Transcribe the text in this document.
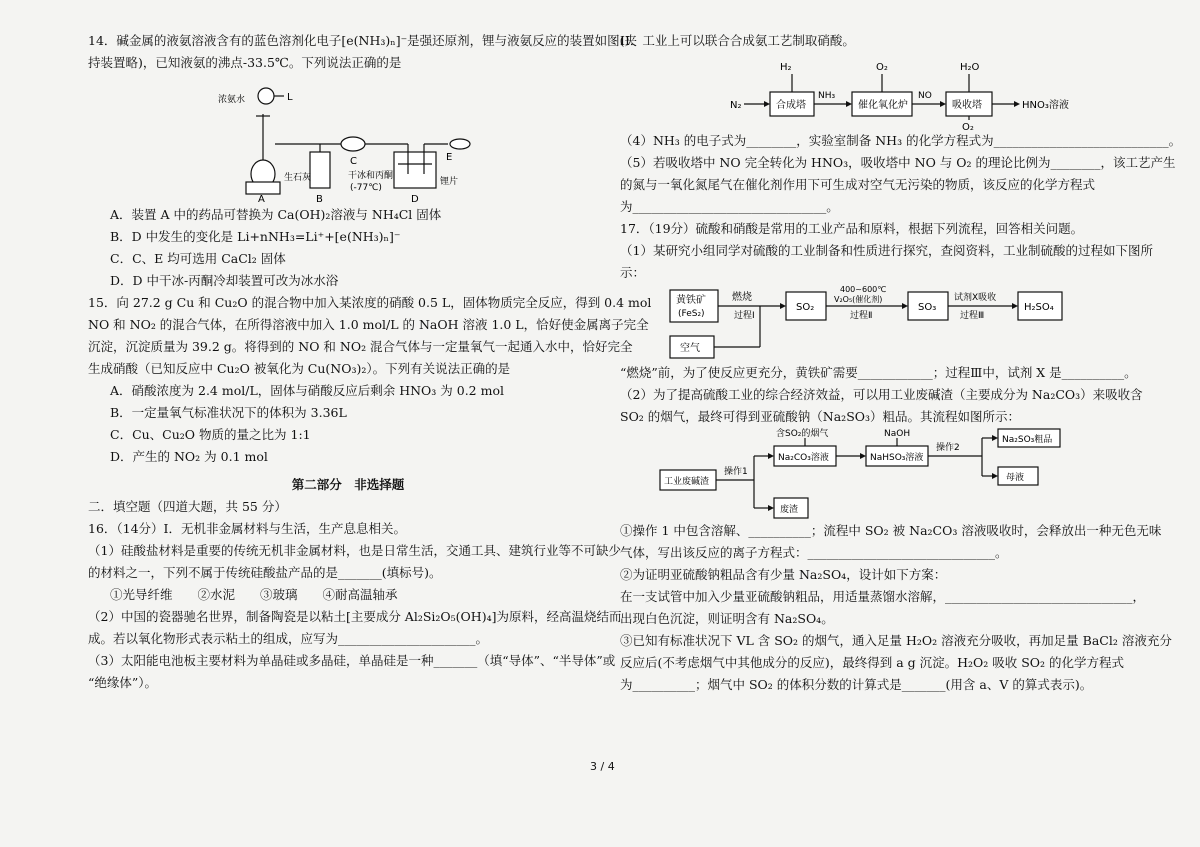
14．碱金属的液氨溶液含有的蓝色溶剂化电子[e(NH₃)ₙ]⁻是强还原剂，锂与液氨反应的装置如图(夹
持装置略)，已知液氨的沸点-33.5℃。下列说法正确的是
浓氨水	L
A
生石灰
B
C
干冰和丙酮
(-77℃)
D
E
锂片
A．装置 A 中的药品可替换为 Ca(OH)₂溶液与 NH₄Cl 固体
B．D 中发生的变化是 Li+nNH₃=Li⁺+[e(NH₃)ₙ]⁻
C．C、E 均可选用 CaCl₂ 固体
D．D 中干冰-丙酮冷却装置可改为冰水浴
15．向 27.2 g Cu 和 Cu₂O 的混合物中加入某浓度的硝酸 0.5 L，固体物质完全反应，得到 0.4 mol
NO 和 NO₂ 的混合气体，在所得溶液中加入 1.0 mol/L 的 NaOH 溶液 1.0 L，恰好使金属离子完全
沉淀，沉淀质量为 39.2 g。将得到的 NO 和 NO₂ 混合气体与一定量氧气一起通入水中，恰好完全
生成硝酸（已知反应中 Cu₂O 被氧化为 Cu(NO₃)₂）。下列有关说法正确的是
A．硝酸浓度为 2.4 mol/L，固体与硝酸反应后剩余 HNO₃ 为 0.2 mol
B．一定量氧气标准状况下的体积为 3.36L
C．Cu、Cu₂O 物质的量之比为 1:1
D．产生的 NO₂ 为 0.1 mol
第二部分　非选择题
二．填空题（四道大题，共 55 分）
16．（14分）I．无机非金属材料与生活，生产息息相关。
（1）硅酸盐材料是重要的传统无机非金属材料，也是日常生活，交通工具、建筑行业等不可缺少
的材料之一，下列不属于传统硅酸盐产品的是_______(填标号)。
①光导纤维　　②水泥　　③玻璃　　④耐高温轴承
（2）中国的瓷器驰名世界，制备陶瓷是以粘土[主要成分 Al₂Si₂O₅(OH)₄]为原料，经高温烧结而
成。若以氧化物形式表示粘土的组成，应写为______________________。
（3）太阳能电池板主要材料为单晶硅或多晶硅，单晶硅是一种_______（填“导体”、“半导体”或
“绝缘体”）。
II．工业上可以联合合成氨工艺制取硝酸。
N₂	合成塔
H₂
NH₃
催化氧化炉
O₂
NO
吸收塔
H₂O
O₂
HNO₃溶液
（4）NH₃ 的电子式为________，实验室制备 NH₃ 的化学方程式为____________________________。
（5）若吸收塔中 NO 完全转化为 HNO₃，吸收塔中 NO 与 O₂ 的理论比例为________，该工艺产生
的氮与一氧化氮尾气在催化剂作用下可生成对空气无污染的物质，该反应的化学方程式
为_______________________________。
17．（19分）硫酸和硝酸是常用的工业产品和原料，根据下列流程，回答相关问题。
（1）某研究小组同学对硫酸的工业制备和性质进行探究，查阅资料，工业制硫酸的过程如下图所
示：
黄铁矿
(FeS₂)
燃烧
过程Ⅰ
SO₂
400~600℃
V₂O₅(催化剂)
过程Ⅱ
SO₃
试剂X吸收
过程Ⅲ
H₂SO₄
空气
“燃烧”前，为了使反应更充分，黄铁矿需要____________；过程Ⅲ中，试剂 X 是__________。
（2）为了提高硫酸工业的综合经济效益，可以用工业废碱渣（主要成分为 Na₂CO₃）来吸收含
SO₂ 的烟气，最终可得到亚硫酸钠（Na₂SO₃）粗品。其流程如图所示：
工业废碱渣
操作1
Na₂CO₃溶液
含SO₂的烟气
废渣
NaHSO₃溶液
NaOH
操作2
Na₂SO₃粗品
母液
①操作 1 中包含溶解、__________；流程中 SO₂ 被 Na₂CO₃ 溶液吸收时，会释放出一种无色无味
气体，写出该反应的离子方程式：______________________________。
②为证明亚硫酸钠粗品含有少量 Na₂SO₄，设计如下方案：
在一支试管中加入少量亚硫酸钠粗品，用适量蒸馏水溶解，______________________________，
出现白色沉淀，则证明含有 Na₂SO₄。
③已知有标准状况下 VL 含 SO₂ 的烟气，通入足量 H₂O₂ 溶液充分吸收，再加足量 BaCl₂ 溶液充分
反应后(不考虑烟气中其他成分的反应)，最终得到 a g 沉淀。H₂O₂ 吸收 SO₂ 的化学方程式
为__________；烟气中 SO₂ 的体积分数的计算式是_______(用含 a、V 的算式表示)。
3 / 4
